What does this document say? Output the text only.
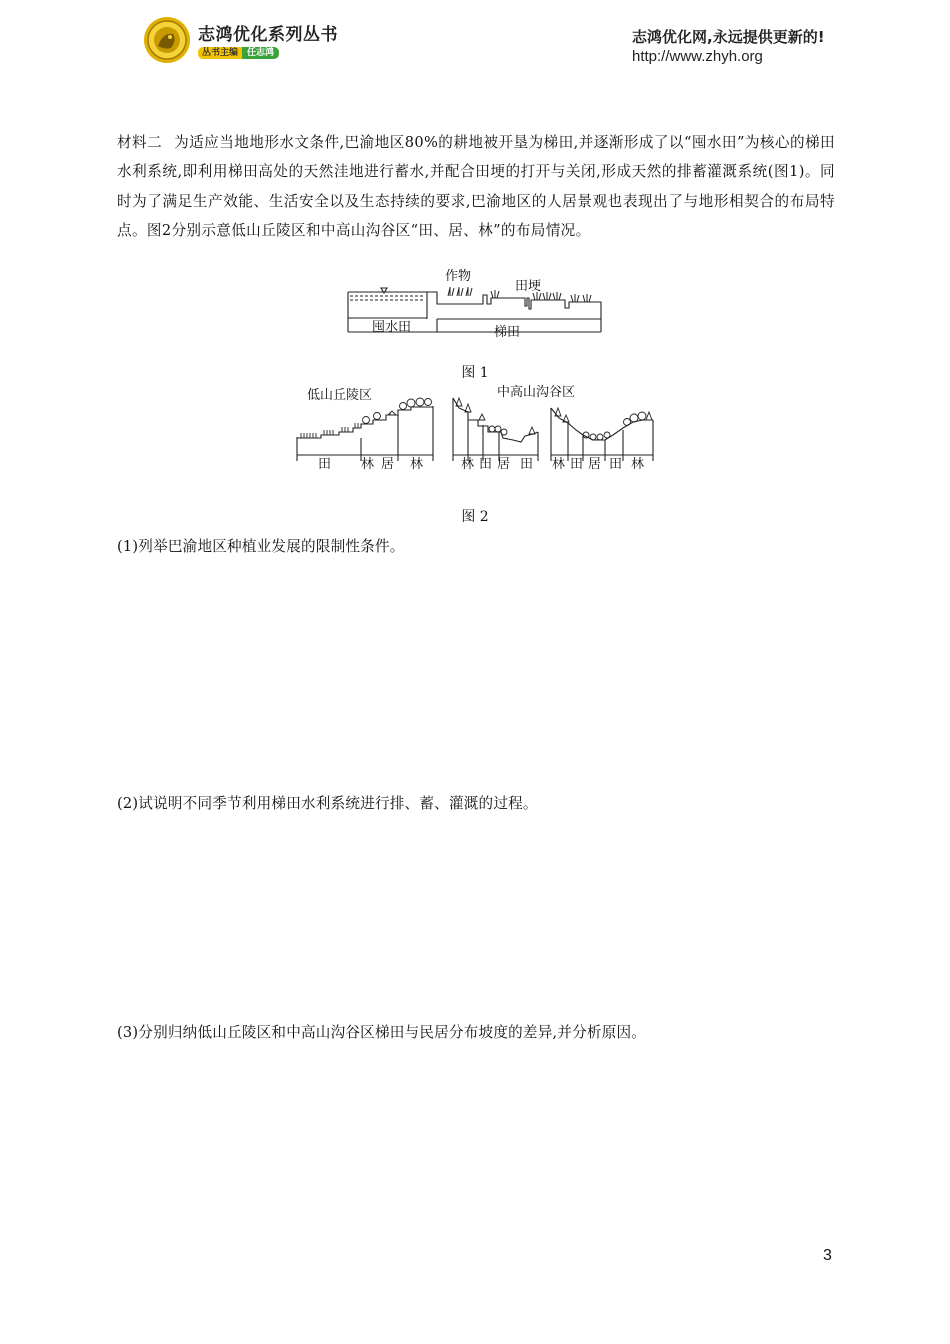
志鸿优化系列丛书
丛书主编 任志鸿
志鸿优化网,永远提供更新的!
http://www.zhyh.org
材料二 为适应当地地形水文条件,巴渝地区80%的耕地被开垦为梯田,并逐渐形成了以“囤水田”为核心的梯田水利系统,即利用梯田高处的天然洼地进行蓄水,并配合田埂的打开与关闭,形成天然的排蓄灌溉系统(图1)。同时为了满足生产效能、生活安全以及生态持续的要求,巴渝地区的人居景观也表现出了与地形相契合的布局特点。图2分别示意低山丘陵区和中高山沟谷区“田、居、林”的布局情况。
作物
田埂
囤水田	梯田
图 1
低山丘陵区
田 林 居 林
中高山沟谷区
林 田 居 田 林 田 居 田 林
图 2
(1)列举巴渝地区种植业发展的限制性条件。
(2)试说明不同季节利用梯田水利系统进行排、蓄、灌溉的过程。
(3)分别归纳低山丘陵区和中高山沟谷区梯田与民居分布坡度的差异,并分析原因。
3
